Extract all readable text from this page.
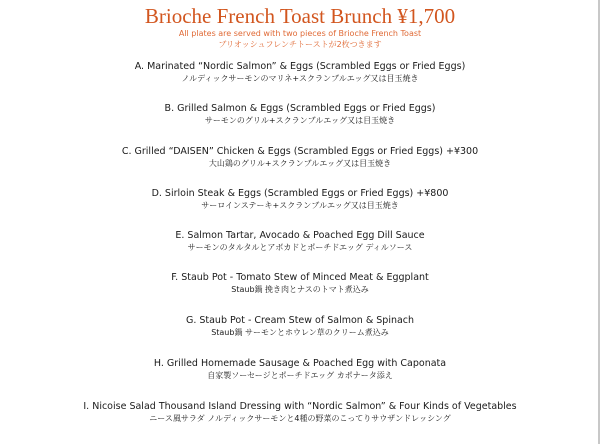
Brioche French Toast Brunch ¥1,700
All plates are served with two pieces of Brioche French Toast
ブリオッシュフレンチトーストが2枚つきます
A. Marinated “Nordic Salmon” & Eggs (Scrambled Eggs or Fried Eggs)
ノルディックサーモンのマリネ+スクランブルエッグ又は目玉焼き
B. Grilled Salmon & Eggs (Scrambled Eggs or Fried Eggs)
サーモンのグリル+スクランブルエッグ又は目玉焼き
C. Grilled “DAISEN” Chicken & Eggs (Scrambled Eggs or Fried Eggs) +¥300
大山鶏のグリル+スクランブルエッグ又は目玉焼き
D. Sirloin Steak & Eggs (Scrambled Eggs or Fried Eggs) +¥800
サーロインステーキ+スクランブルエッグ又は目玉焼き
E. Salmon Tartar, Avocado & Poached Egg Dill Sauce
サーモンのタルタルとアボカドとポーチドエッグ ディルソース
F. Staub Pot - Tomato Stew of Minced Meat & Eggplant
Staub鍋 挽き肉とナスのトマト煮込み
G. Staub Pot - Cream Stew of Salmon & Spinach
Staub鍋 サーモンとホウレン草のクリーム煮込み
H. Grilled Homemade Sausage & Poached Egg with Caponata
自家製ソーセージとポーチドエッグ カポナータ添え
I. Nicoise Salad Thousand Island Dressing with “Nordic Salmon” & Four Kinds of Vegetables
ニース風サラダ ノルディックサーモンと4種の野菜のこってりサウザンドレッシング
